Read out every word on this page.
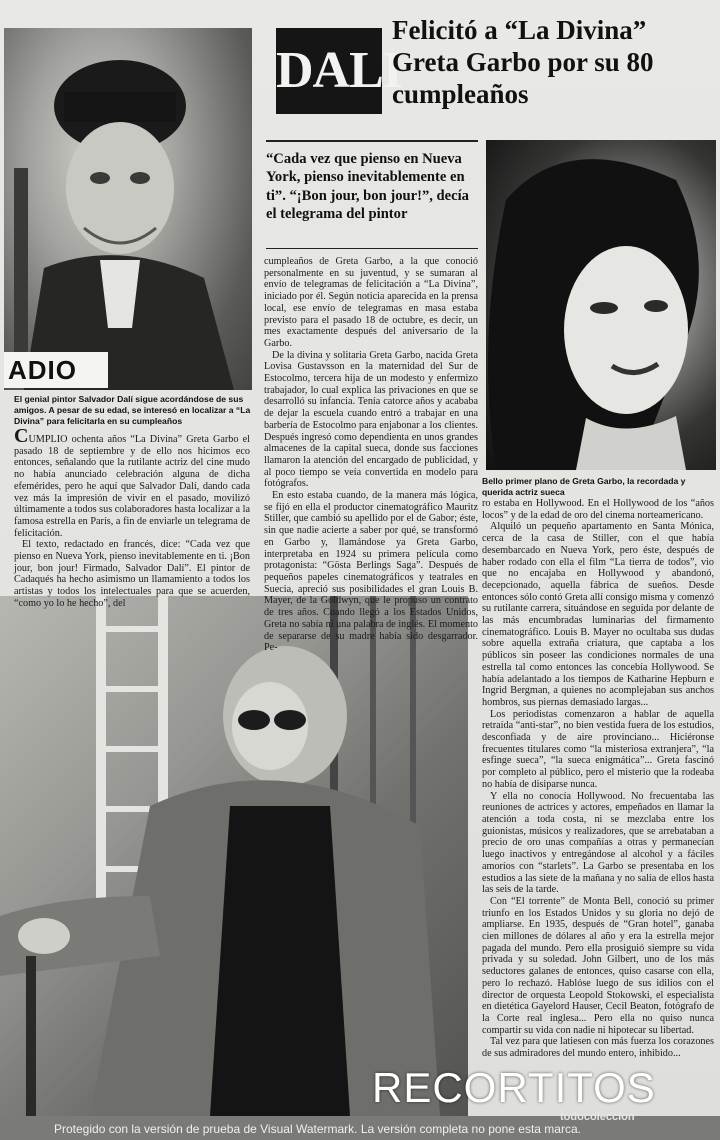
ADIO
DALI
Felicitó a “La Divina” Greta Garbo por su 80 cumpleaños
“Cada vez que pienso en Nueva York, pienso inevitablemente en ti”. “¡Bon jour, bon jour!”, decía el telegrama del pintor
El genial pintor Salvador Dalí sigue acordándose de sus amigos. A pesar de su edad, se interesó en localizar a “La Divina” para felicitarla en su cumpleaños
Bello primer plano de Greta Garbo, la recordada y querida actriz sueca

CUMPLIO ochenta años “La Divina” Greta Garbo el pasado 18 de septiembre y de ello nos hicimos eco entonces, señalando que la rutilante actriz del cine mudo no había anunciado celebración alguna de dicha efemérides, pero he aquí que Salvador Dalí, dando cada vez más la impresión de vivir en el pasado, movilizó últimamente a todos sus colaboradores hasta localizar a la famosa estrella en París, a fin de enviarle un telegrama de felicitación.

El texto, redactado en francés, dice: “Cada vez que pienso en Nueva York, pienso inevitablemente en ti. ¡Bon jour, bon jour! Firmado, Salvador Dalí”. El pintor de Cadaqués ha hecho asimismo un llamamiento a todos los artistas y todos los intelectuales para que se acuerden, “como yo lo he hecho”, del

cumpleaños de Greta Garbo, a la que conoció personalmente en su juventud, y se sumaran al envío de telegramas de felicitación a “La Divina”, iniciado por él. Según noticia aparecida en la prensa local, ese envío de telegramas en masa estaba previsto para el pasado 18 de octubre, es decir, un mes exactamente después del aniversario de la Garbo.

De la divina y solitaria Greta Garbo, nacida Greta Lovisa Gustavsson en la maternidad del Sur de Estocolmo, tercera hija de un modesto y enfermizo trabajador, lo cual explica las privaciones en que se desarrolló su infancia. Tenía catorce años y acababa de dejar la escuela cuando entró a trabajar en una barbería de Estocolmo para enjabonar a los clientes. Después ingresó como dependienta en unos grandes almacenes de la capital sueca, donde sus facciones llamaron la atención del encargado de publicidad, y al poco tiempo se veía convertida en modelo para fotógrafos.

En esto estaba cuando, de la manera más lógica, se fijó en ella el productor cinematográfico Mauritz Stiller, que cambió su apellido por el de Gabor; éste, sin que nadie acierte a saber por qué, se transformó en Garbo y, llamándose ya Greta Garbo, interpretaba en 1924 su primera película como protagonista: “Gösta Berlings Saga”. Después de pequeños papeles cinematográficos y teatrales en Suecia, apreció sus posibilidades el gran Louis B. Mayer, de la Goldwyn, que le propuso un contrato de tres años. Cuando llegó a los Estados Unidos, Greta no sabía ni una palabra de inglés. El momento de separarse de su madre había sido desgarrador. Pe-

ro estaba en Hollywood. En el Hollywood de los “años locos” y de la edad de oro del cinema norteamericano.

Alquiló un pequeño apartamento en Santa Mónica, cerca de la casa de Stiller, con el que había desembarcado en Nueva York, pero éste, después de haber rodado con ella el film “La tierra de todos”, vio que no encajaba en Hollywood y abandonó, decepcionado, aquella fábrica de sueños. Desde entonces sólo contó Greta allí consigo misma y comenzó su rutilante carrera, situándose en seguida por delante de las más encumbradas luminarias del firmamento cinematográfico. Louis B. Mayer no ocultaba sus dudas sobre aquella extraña criatura, que captaba a los públicos sin poseer las condiciones normales de una estrella tal como entonces las concebía Hollywood. Se había adelantado a los tiempos de Katharine Hepburn e Ingrid Bergman, a quienes no acomplejaban sus anchos hombros, sus piernas demasiado largas...

Los periodistas comenzaron a hablar de aquella retraída “anti-star”, no bien vestida fuera de los estudios, desconfiada y de aire provinciano... Hiciéronse frecuentes titulares como “la misteriosa extranjera”, “la esfinge sueca”, “la sueca enigmática”... Greta fascinó por completo al público, pero el misterio que la rodeaba no había de disiparse nunca.

Y ella no conocía Hollywood. No frecuentaba las reuniones de actrices y actores, empeñados en llamar la atención a toda costa, ni se mezclaba entre los guionistas, músicos y realizadores, que se arrebataban a precio de oro unas compañías a otras y permanecían luego inactivos y entregándose al alcohol y a fáciles amoríos con “starlets”. La Garbo se presentaba en los estudios a las siete de la mañana y no salía de ellos hasta las seis de la tarde.

Con “El torrente” de Monta Bell, conoció su primer triunfo en los Estados Unidos y su gloria no dejó de ampliarse. En 1935, después de “Gran hotel”, ganaba cien millones de dólares al año y era la estrella mejor pagada del mundo. Pero ella prosiguió siempre su vida privada y su soledad. John Gilbert, uno de los más seductores galanes de entonces, quiso casarse con ella, pero lo rechazó. Hablóse luego de sus idilios con el director de orquesta Leopold Stokowski, el especialista en dietética Gayelord Hauser, Cecil Beaton, fotógrafo de la Corte real inglesa... Pero ella no quiso nunca compartir su vida con nadie ni hipotecar su libertad.

Tal vez para que latiesen con más fuerza los corazones de sus admiradores del mundo entero, inhibido...

RECORTITOS
todocoleccion
Protegido con la versión de prueba de Visual Watermark. La versión completa no pone esta marca.
